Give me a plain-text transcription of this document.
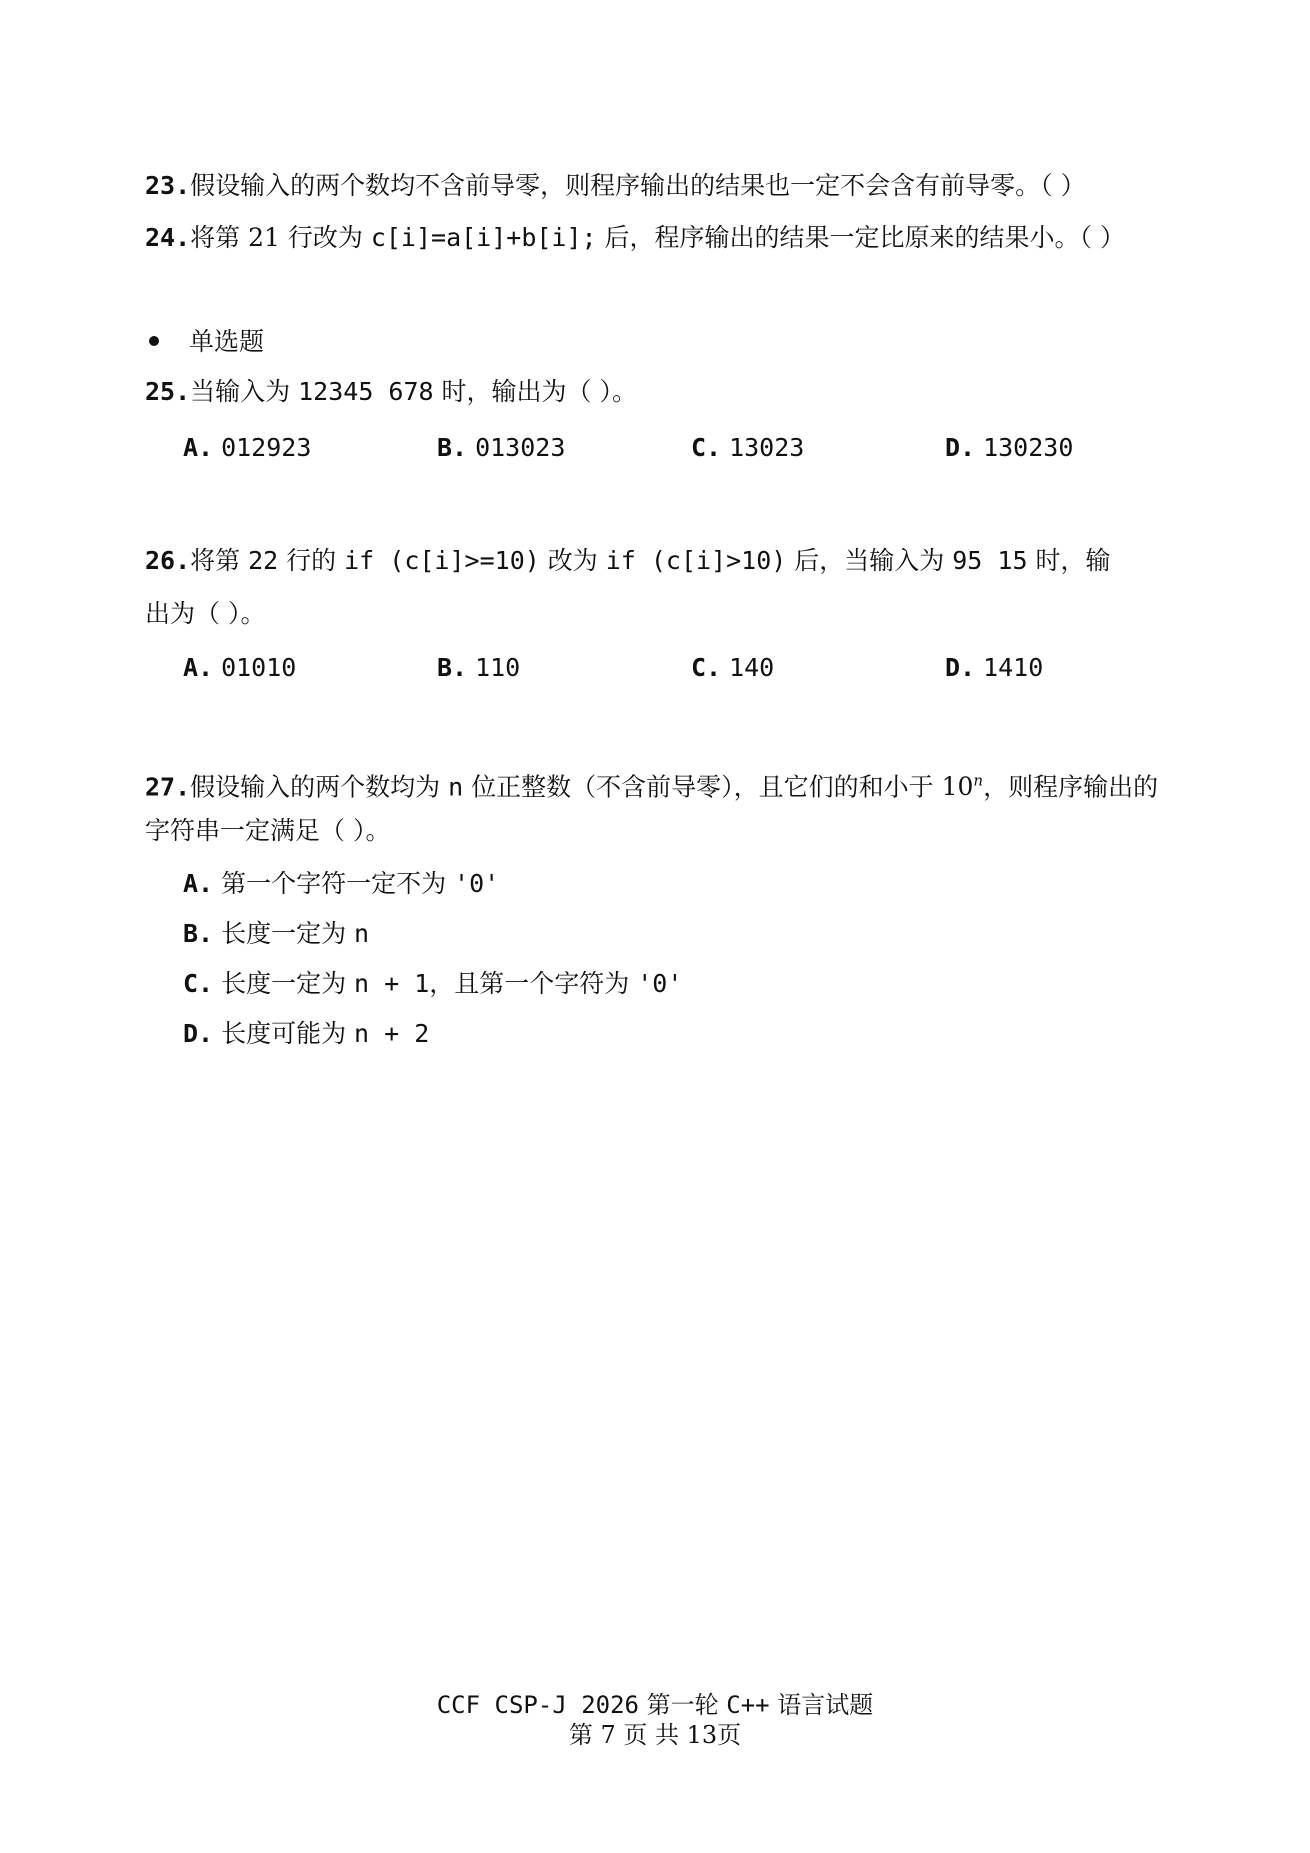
23.假设输入的两个数均不含前导零，则程序输出的结果也一定不会含有前导零。（ ）
24.将第 21 行改为 c[i]=a[i]+b[i]; 后，程序输出的结果一定比原来的结果小。（ ）
单选题
25.当输入为 12345 678 时，输出为（ ）。
A. 012923	B. 013023	C. 13023	D. 130230
26.将第 22 行的 if (c[i]>=10) 改为 if (c[i]>10) 后，当输入为 95 15 时，输
出为（ ）。
A. 01010	B. 110	C. 140	D. 1410
27.假设输入的两个数均为 n 位正整数（不含前导零），且它们的和小于 10$^n$，则程序输出的
字符串一定满足（ ）。
A. 第一个字符一定不为 '0'
B. 长度一定为 n
C. 长度一定为 n + 1，且第一个字符为 '0'
D. 长度可能为 n + 2
CCF CSP-J 2026 第一轮 C++ 语言试题
第 7 页 共 13页
